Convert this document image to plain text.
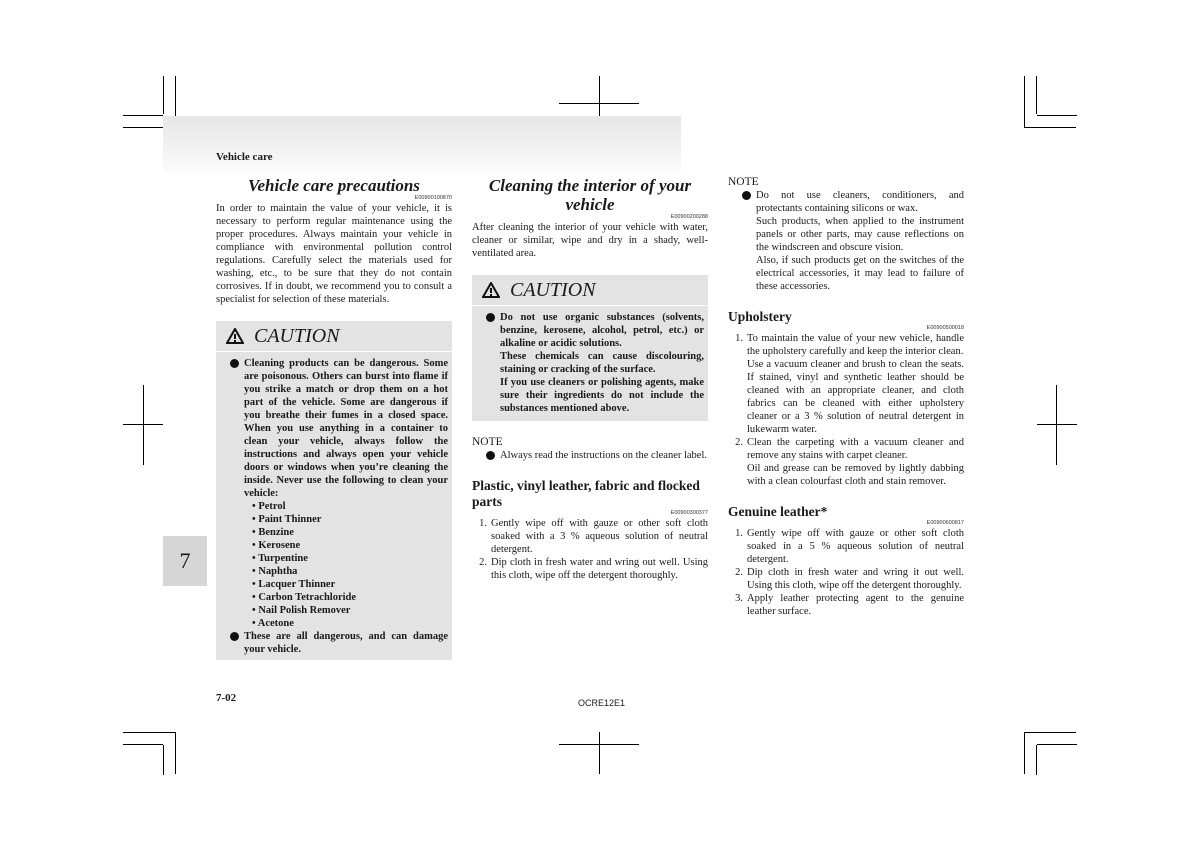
Vehicle care
7
Vehicle care precautions
E00900100870
In order to maintain the value of your vehicle, it is necessary to perform regular maintenance using the proper procedures. Always maintain your vehicle in compliance with environmental pollution control regulations. Carefully select the materials used for washing, etc., to be sure that they do not contain corrosives. If in doubt, we recommend you to consult a specialist for selection of these materials.
CAUTION
Cleaning products can be dangerous. Some are poisonous. Others can burst into flame if you strike a match or drop them on a hot part of the vehicle. Some are dangerous if you breathe their fumes in a closed space. When you use anything in a container to clean your vehicle, always follow the instructions and always open your vehicle doors or windows when you’re cleaning the inside. Never use the following to clean your vehicle:
• Petrol
• Paint Thinner
• Benzine
• Kerosene
• Turpentine
• Naphtha
• Lacquer Thinner
• Carbon Tetrachloride
• Nail Polish Remover
• Acetone
These are all dangerous, and can damage your vehicle.
Cleaning the interior of your vehicle
E00900200288
After cleaning the interior of your vehicle with water, cleaner or similar, wipe and dry in a shady, well-ventilated area.
CAUTION
Do not use organic substances (solvents, benzine, kerosene, alcohol, petrol, etc.) or alkaline or acidic solutions.
These chemicals can cause discolouring, staining or cracking of the surface.
If you use cleaners or polishing agents, make sure their ingredients do not include the substances mentioned above.
NOTE
Always read the instructions on the cleaner label.
Plastic, vinyl leather, fabric and flocked parts
E00900300377
1. Gently wipe off with gauze or other soft cloth soaked with a 3 % aqueous solution of neutral detergent.
2. Dip cloth in fresh water and wring out well. Using this cloth, wipe off the detergent thoroughly.
NOTE
Do not use cleaners, conditioners, and protectants containing silicons or wax.
Such products, when applied to the instrument panels or other parts, may cause reflections on the windscreen and obscure vision.
Also, if such products get on the switches of the electrical accessories, it may lead to failure of these accessories.
Upholstery
E00900500018
1. To maintain the value of your new vehicle, handle the upholstery carefully and keep the interior clean.
Use a vacuum cleaner and brush to clean the seats. If stained, vinyl and synthetic leather should be cleaned with an appropriate cleaner, and cloth fabrics can be cleaned with either upholstery cleaner or a 3 % solution of neutral detergent in lukewarm water.
2. Clean the carpeting with a vacuum cleaner and remove any stains with carpet cleaner.
Oil and grease can be removed by lightly dabbing with a clean colourfast cloth and stain remover.
Genuine leather*
E00900600817
1. Gently wipe off with gauze or other soft cloth soaked in a 5 % aqueous solution of neutral detergent.
2. Dip cloth in fresh water and wring it out well. Using this cloth, wipe off the detergent thoroughly.
3. Apply leather protecting agent to the genuine leather surface.
7-02	OCRE12E1
